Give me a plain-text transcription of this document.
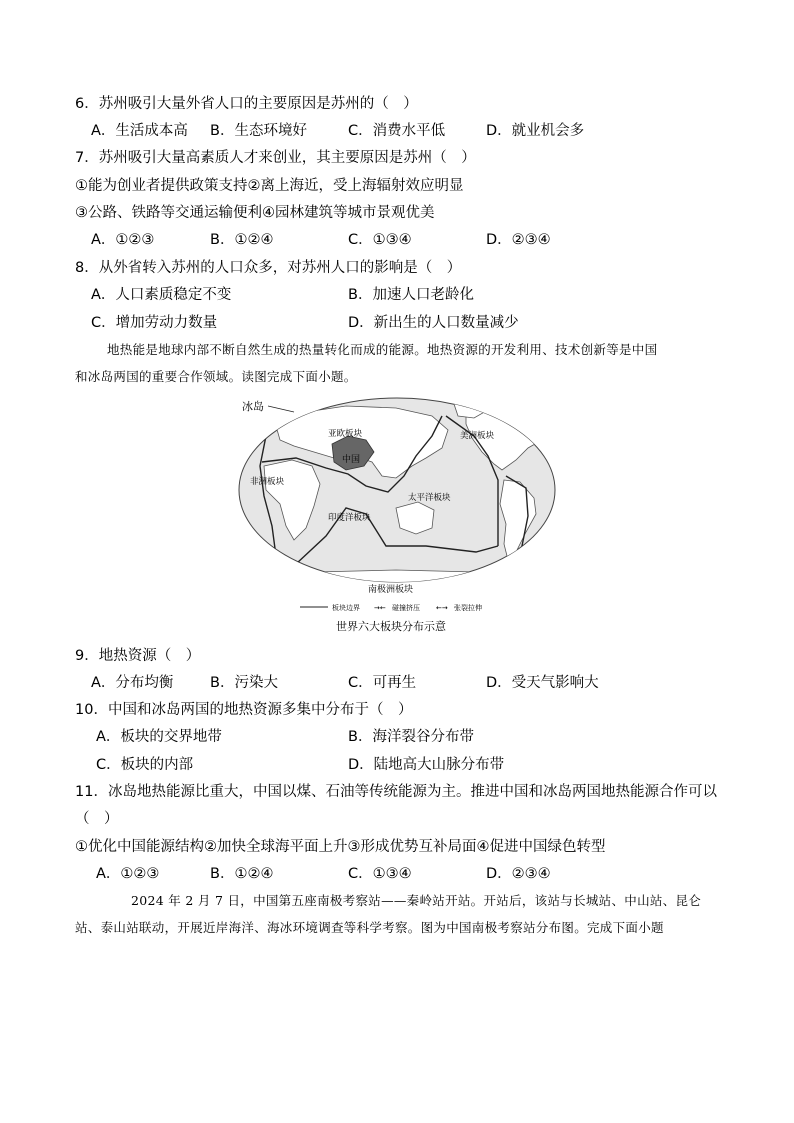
6．苏州吸引大量外省人口的主要原因是苏州的（　）
A．生活成本高 B．生态环境好	C．消费水平低	D．就业机会多
7．苏州吸引大量高素质人才来创业，其主要原因是苏州（　）
①能为创业者提供政策支持②离上海近，受上海辐射效应明显
③公路、铁路等交通运输便利④园林建筑等城市景观优美
A．①②③	B．①②④	C．①③④	D．②③④
8．从外省转入苏州的人口众多，对苏州人口的影响是（　）
A．人口素质稳定不变	B．加速人口老龄化
C．增加劳动力数量	D．新出生的人口数量减少
地热能是地球内部不断自然生成的热量转化而成的能源。地热资源的开发利用、技术创新等是中国
和冰岛两国的重要合作领域。读图完成下面小题。
冰岛
亚欧板块	美洲板块
中国
非洲板块
太平洋板块
印度洋板块
南极洲板块
板块边界 →← 碰撞挤压 ←→ 张裂拉伸
世界六大板块分布示意
9．地热资源（　）
A．分布均衡	B．污染大	C．可再生	D．受天气影响大
10．中国和冰岛两国的地热资源多集中分布于（　）
A．板块的交界地带	B．海洋裂谷分布带
C．板块的内部	D．陆地高大山脉分布带
11．冰岛地热能源比重大，中国以煤、石油等传统能源为主。推进中国和冰岛两国地热能源合作可以
（　）
①优化中国能源结构②加快全球海平面上升③形成优势互补局面④促进中国绿色转型
A．①②③	B．①②④	C．①③④	D．②③④
2024 年 2 月 7 日，中国第五座南极考察站——秦岭站开站。开站后，该站与长城站、中山站、昆仑
站、泰山站联动，开展近岸海洋、海冰环境调查等科学考察。图为中国南极考察站分布图。完成下面小题
